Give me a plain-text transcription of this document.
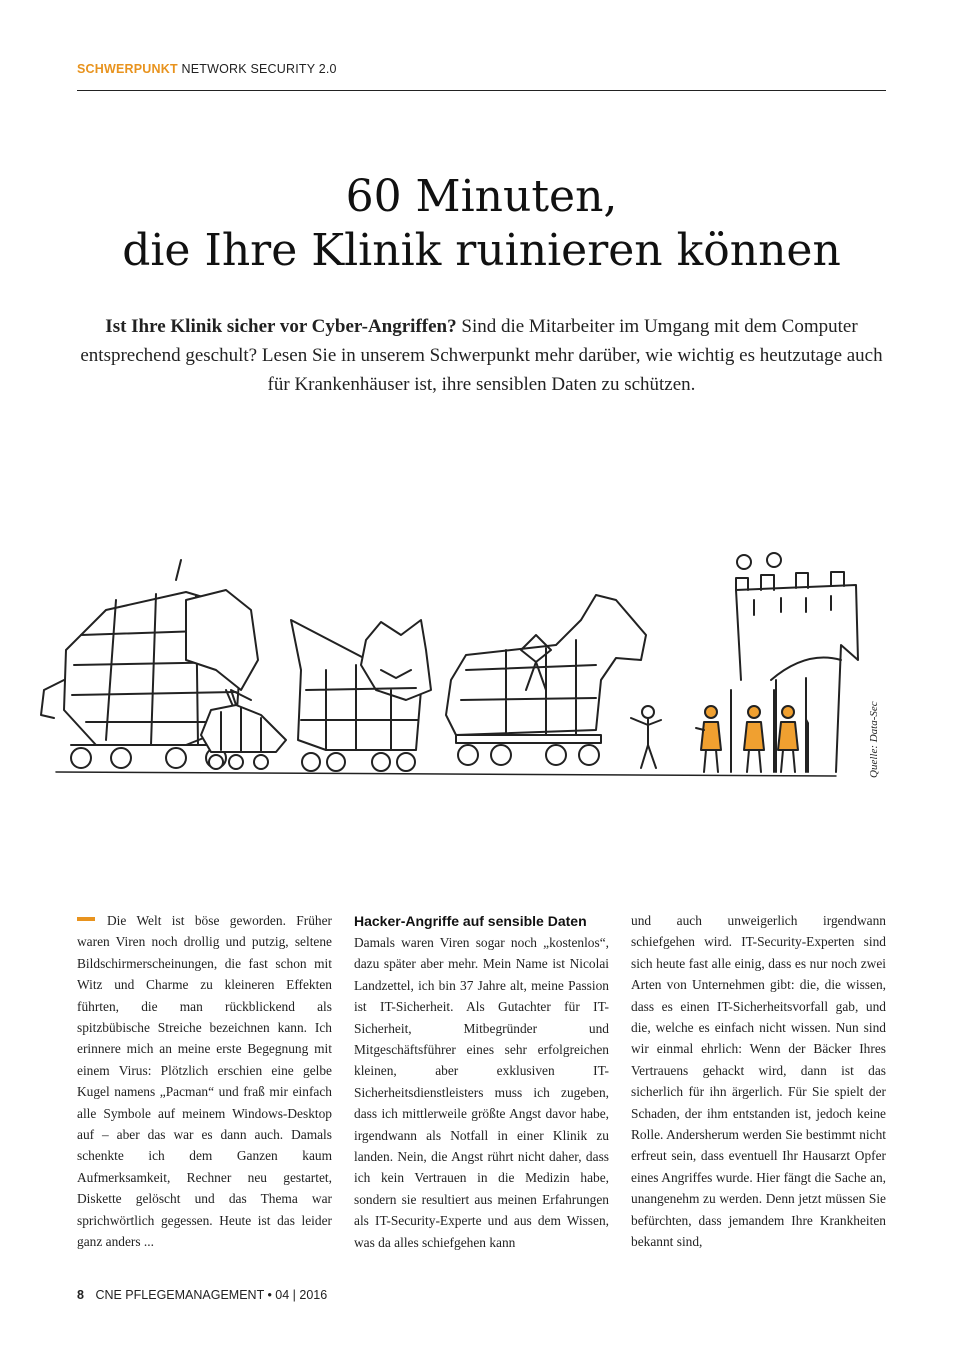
SCHWERPUNKT NETWORK SECURITY 2.0
60 Minuten,
die Ihre Klinik ruinieren können

Ist Ihre Klinik sicher vor Cyber-Angriffen? Sind die Mitarbeiter im Umgang mit dem Computer entsprechend geschult? Lesen Sie in unserem Schwerpunkt mehr darüber, wie wichtig es heutzutage auch für Krankenhäuser ist, ihre sensiblen Daten zu schützen.

Quelle: Data-Sec

Die Welt ist böse geworden. Früher waren Viren noch drollig und putzig, seltene Bildschirmerscheinungen, die fast schon mit Witz und Charme zu kleineren Effekten führten, die man rückblickend als spitzbübische Streiche bezeichnen kann. Ich erinnere mich an meine erste Begegnung mit einem Virus: Plötzlich erschien eine gelbe Kugel namens „Pacman“ und fraß mir einfach alle Symbole auf meinem Windows-Desktop auf – aber das war es dann auch. Damals schenkte ich dem Ganzen kaum Aufmerksamkeit, Rechner neu gestartet, Diskette gelöscht und das Thema war sprichwörtlich gegessen. Heute ist das leider ganz anders ...

Hacker-Angriffe auf sensible Daten

Damals waren Viren sogar noch „kostenlos“, dazu später aber mehr. Mein Name ist Nicolai Landzettel, ich bin 37 Jahre alt, meine Passion ist IT-Sicherheit. Als Gutachter für IT-Sicherheit, Mitbegründer und Mitgeschäftsführer eines sehr erfolgreichen kleinen, aber exklusiven IT-Sicherheitsdienstleisters muss ich zugeben, dass ich mittlerweile größte Angst davor habe, irgendwann als Notfall in einer Klinik zu landen. Nein, die Angst rührt nicht daher, dass ich kein Vertrauen in die Medizin habe, sondern sie resultiert aus meinen Erfahrungen als IT-Security-Experte und aus dem Wissen, was da alles schiefgehen kann

und auch unweigerlich irgendwann schiefgehen wird. IT-Security-Experten sind sich heute fast alle einig, dass es nur noch zwei Arten von Unternehmen gibt: die, die wissen, dass es einen IT-Sicherheitsvorfall gab, und die, welche es einfach nicht wissen. Nun sind wir einmal ehrlich: Wenn der Bäcker Ihres Vertrauens gehackt wird, dann ist das sicherlich für ihn ärgerlich. Für Sie spielt der Schaden, der ihm entstanden ist, jedoch keine Rolle. Andersherum werden Sie bestimmt nicht erfreut sein, dass eventuell Ihr Hausarzt Opfer eines Angriffes wurde. Hier fängt die Sache an, unangenehm zu werden. Denn jetzt müssen Sie befürchten, dass jemandem Ihre Krankheiten bekannt sind,

8 CNE PFLEGEMANAGEMENT • 04 | 2016
